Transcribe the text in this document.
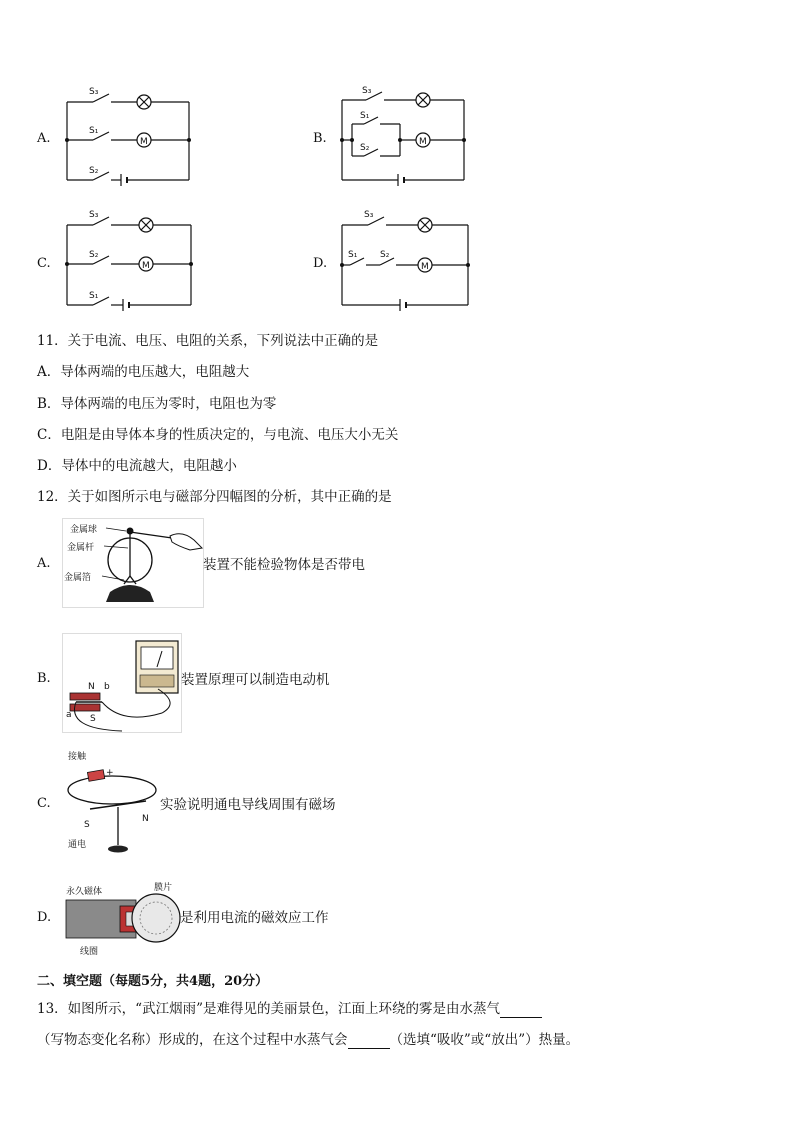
A.
S₃
S₁
S₂
M	B.
S₃
S₁
S₂
M
C.
S₃
S₂
S₁
M	D.
S₃
S₁	S₂
M
11．关于电流、电压、电阻的关系，下列说法中正确的是
A．导体两端的电压越大，电阻越大
B．导体两端的电压为零时，电阻也为零
C．电阻是由导体本身的性质决定的，与电流、电压大小无关
D．导体中的电流越大，电阻越小
12．关于如图所示电与磁部分四幅图的分析，其中正确的是
A.
金属球
金属杆
金属箔
装置不能检验物体是否带电
B.
N b
a S
装置原理可以制造电动机
C.
接触
+
S
N
通电
实验说明通电导线周围有磁场
D.
永久磁体	膜片
线圈
是利用电流的磁效应工作
二、填空题（每题5分，共4题，20分）
13．如图所示，“武江烟雨”是难得见的美丽景色，江面上环绕的雾是由水蒸气
（写物态变化名称）形成的，在这个过程中水蒸气会	（选填“吸收”或“放出”）热量。
